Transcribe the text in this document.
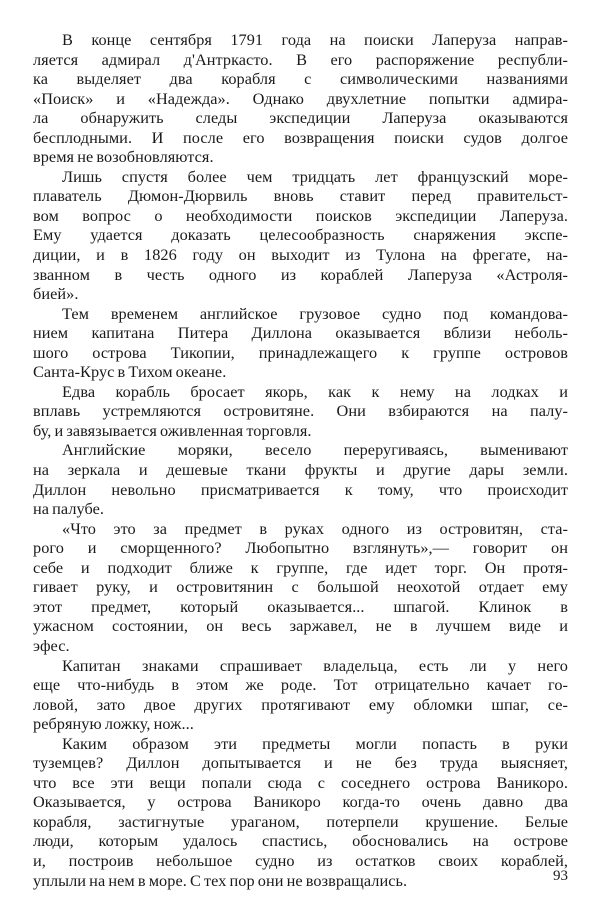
В конце сентября 1791 года на поиски Лаперуза направ-
ляется адмирал д'Антркасто. В его распоряжение республи-
ка выделяет два корабля с символическими названиями
«Поиск» и «Надежда». Однако двухлетние попытки адмира-
ла обнаружить следы экспедиции Лаперуза оказываются
бесплодными. И после его возвращения поиски судов долгое
время не возобновляются.
Лишь спустя более чем тридцать лет французский море-
плаватель Дюмон-Дюрвиль вновь ставит перед правительст-
вом вопрос о необходимости поисков экспедиции Лаперуза.
Ему удается доказать целесообразность снаряжения экспе-
диции, и в 1826 году он выходит из Тулона на фрегате, на-
званном в честь одного из кораблей Лаперуза «Астроля-
бией».
Тем временем английское грузовое судно под командова-
нием капитана Питера Диллона оказывается вблизи неболь-
шого острова Тикопии, принадлежащего к группе островов
Санта-Крус в Тихом океане.
Едва корабль бросает якорь, как к нему на лодках и
вплавь устремляются островитяне. Они взбираются на палу-
бу, и завязывается оживленная торговля.
Английские моряки, весело переругиваясь, выменивают
на зеркала и дешевые ткани фрукты и другие дары земли.
Диллон невольно присматривается к тому, что происходит
на палубе.
«Что это за предмет в руках одного из островитян, ста-
рого и сморщенного? Любопытно взглянуть»,— говорит он
себе и подходит ближе к группе, где идет торг. Он протя-
гивает руку, и островитянин с большой неохотой отдает ему
этот предмет, который оказывается... шпагой. Клинок в
ужасном состоянии, он весь заржавел, не в лучшем виде и
эфес.
Капитан знаками спрашивает владельца, есть ли у него
еще что-нибудь в этом же роде. Тот отрицательно качает го-
ловой, зато двое других протягивают ему обломки шпаг, се-
ребряную ложку, нож...
Каким образом эти предметы могли попасть в руки
туземцев? Диллон допытывается и не без труда выясняет,
что все эти вещи попали сюда с соседнего острова Ваникоро.
Оказывается, у острова Ваникоро когда-то очень давно два
корабля, застигнутые ураганом, потерпели крушение. Белые
люди, которым удалось спастись, обосновались на острове
и, построив небольшое судно из остатков своих кораблей,
уплыли на нем в море. С тех пор они не возвращались.	93
